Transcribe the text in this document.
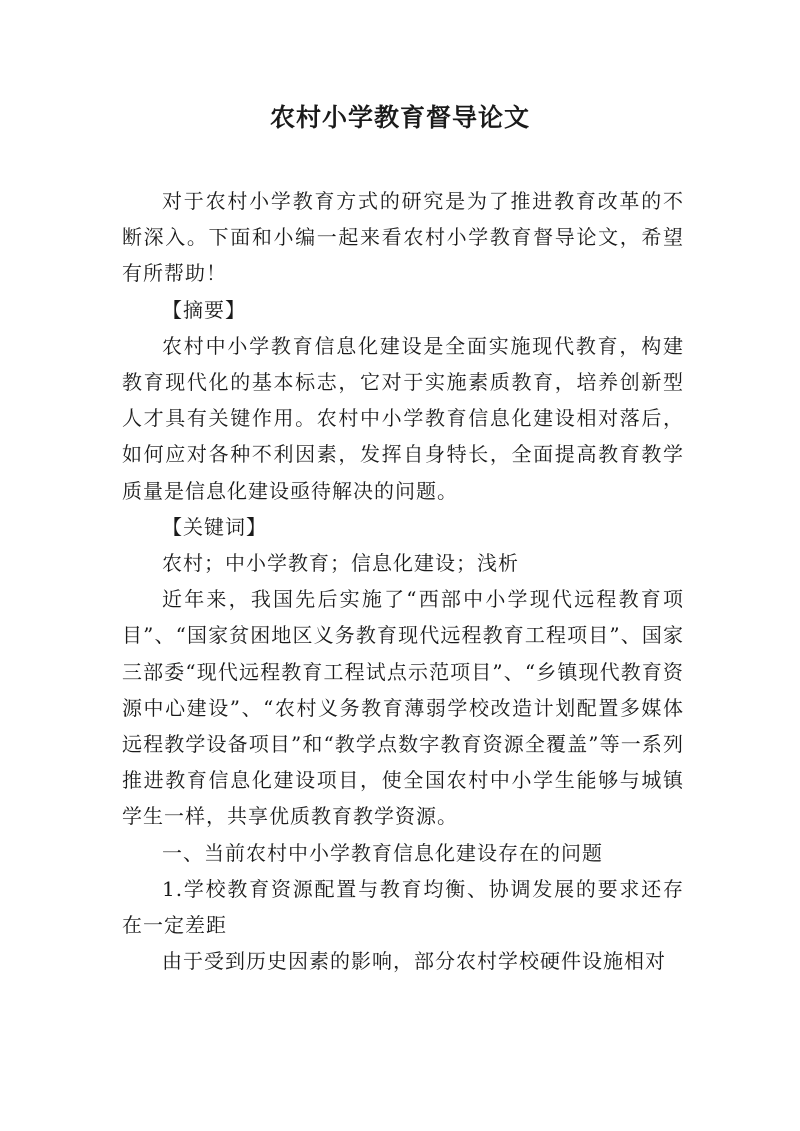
农村小学教育督导论文

对于农村小学教育方式的研究是为了推进教育改革的不断深入。下面和小编一起来看农村小学教育督导论文，希望有所帮助！

【摘要】

农村中小学教育信息化建设是全面实施现代教育，构建教育现代化的基本标志，它对于实施素质教育，培养创新型人才具有关键作用。农村中小学教育信息化建设相对落后，如何应对各种不利因素，发挥自身特长，全面提高教育教学质量是信息化建设亟待解决的问题。

【关键词】

农村；中小学教育；信息化建设；浅析

近年来，我国先后实施了“西部中小学现代远程教育项目”、“国家贫困地区义务教育现代远程教育工程项目”、国家三部委“现代远程教育工程试点示范项目”、“乡镇现代教育资源中心建设”、“农村义务教育薄弱学校改造计划配置多媒体远程教学设备项目”和“教学点数字教育资源全覆盖”等一系列推进教育信息化建设项目，使全国农村中小学生能够与城镇学生一样，共享优质教育教学资源。

一、当前农村中小学教育信息化建设存在的问题

1.学校教育资源配置与教育均衡、协调发展的要求还存在一定差距

由于受到历史因素的影响，部分农村学校硬件设施相对
